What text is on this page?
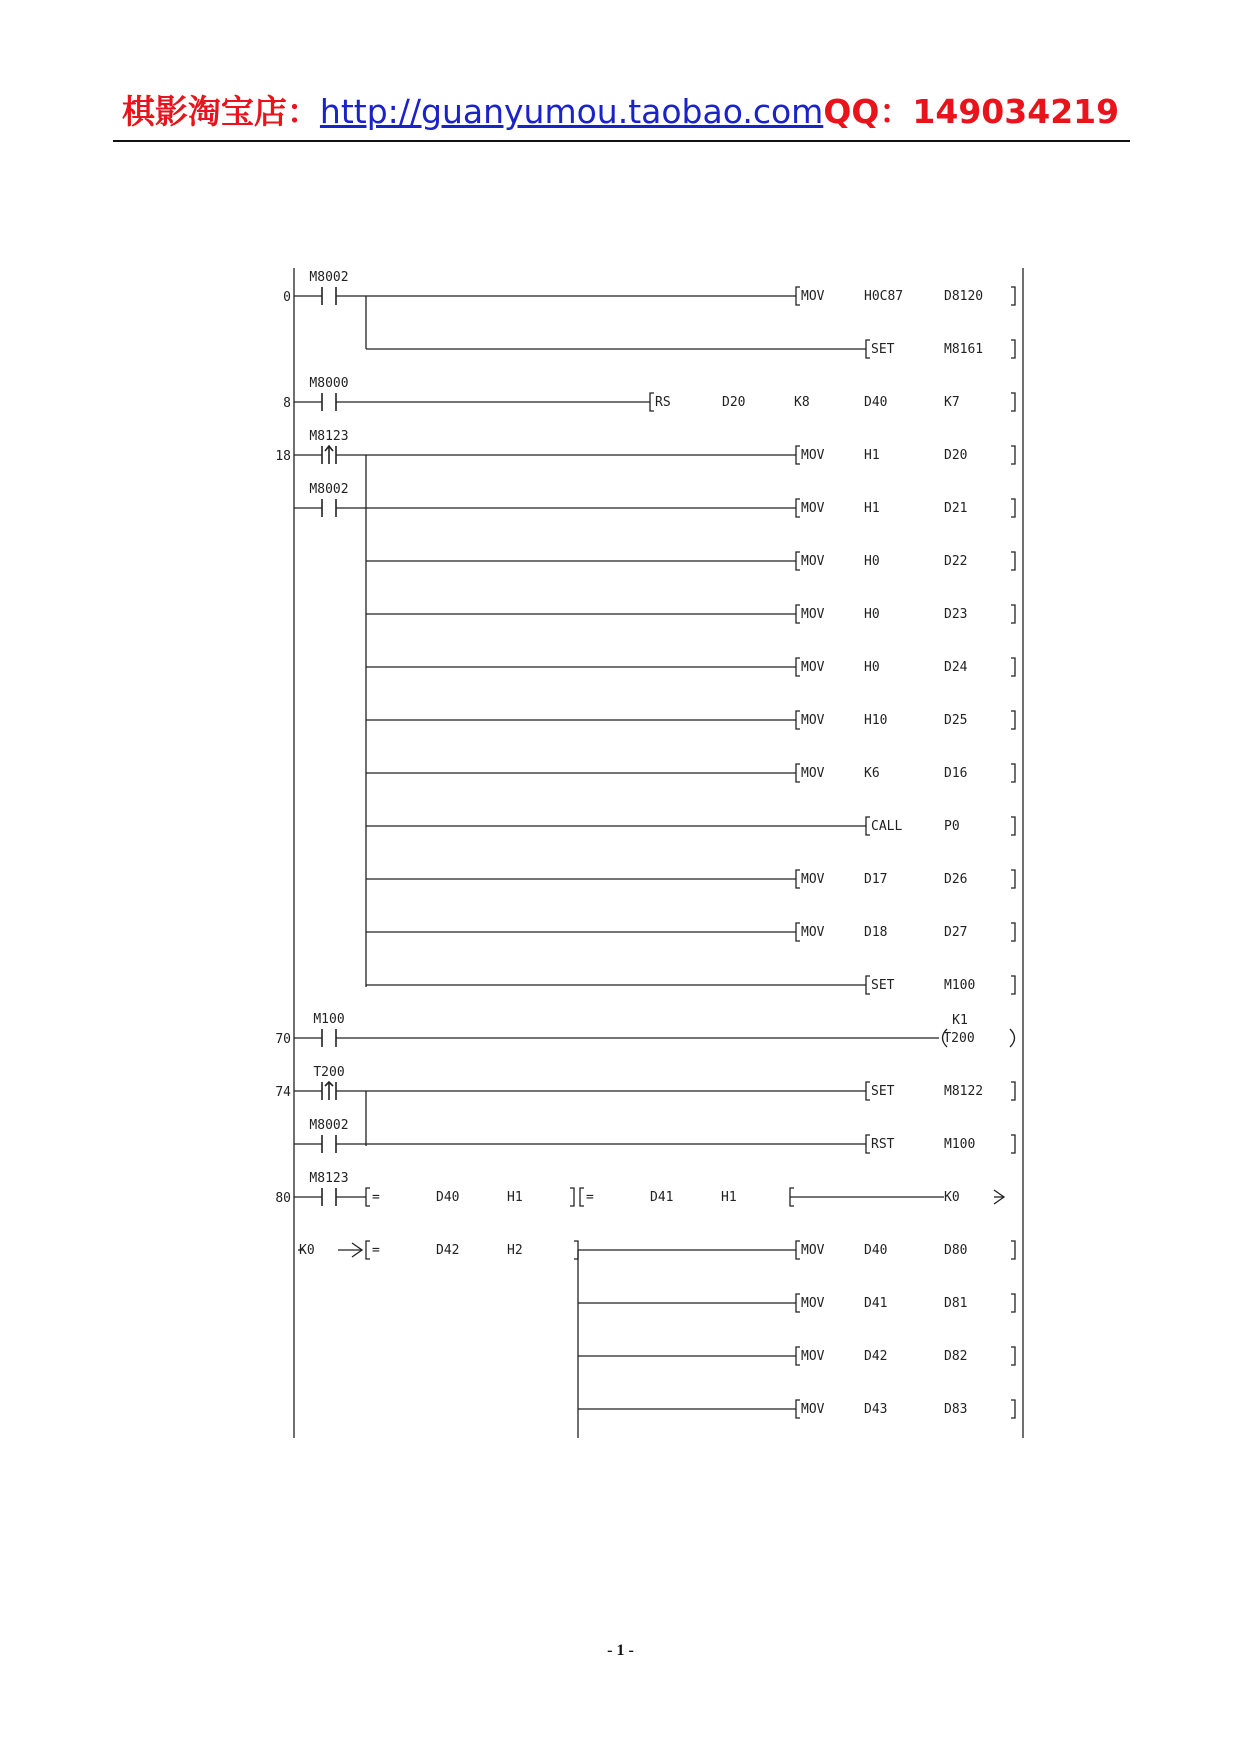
棋影淘宝店：http://guanyumou.taobao.comQQ：149034219
0
8
18
70
74
80
M8002
M8000
M8123
M8002
M100
T200
M8002
M8123
MOV	H0C87	D8120
SET	M8161
RS	D20	K8	D40	K7
MOV	H1	D20
MOV	H1	D21
MOV	H0	D22
MOV	H0	D23
MOV	H0	D24
MOV	H10	D25
MOV	K6	D16
CALL	P0
MOV	D17	D26
MOV	D18	D27
SET	M100
K1
T200
SET	M8122
RST	M100
=	D40	H1	=	D41	H1	K0
K0	=	D42	H2	MOV	D40	D80
MOV	D41	D81
MOV	D42	D82
MOV	D43	D83
- 1 -
